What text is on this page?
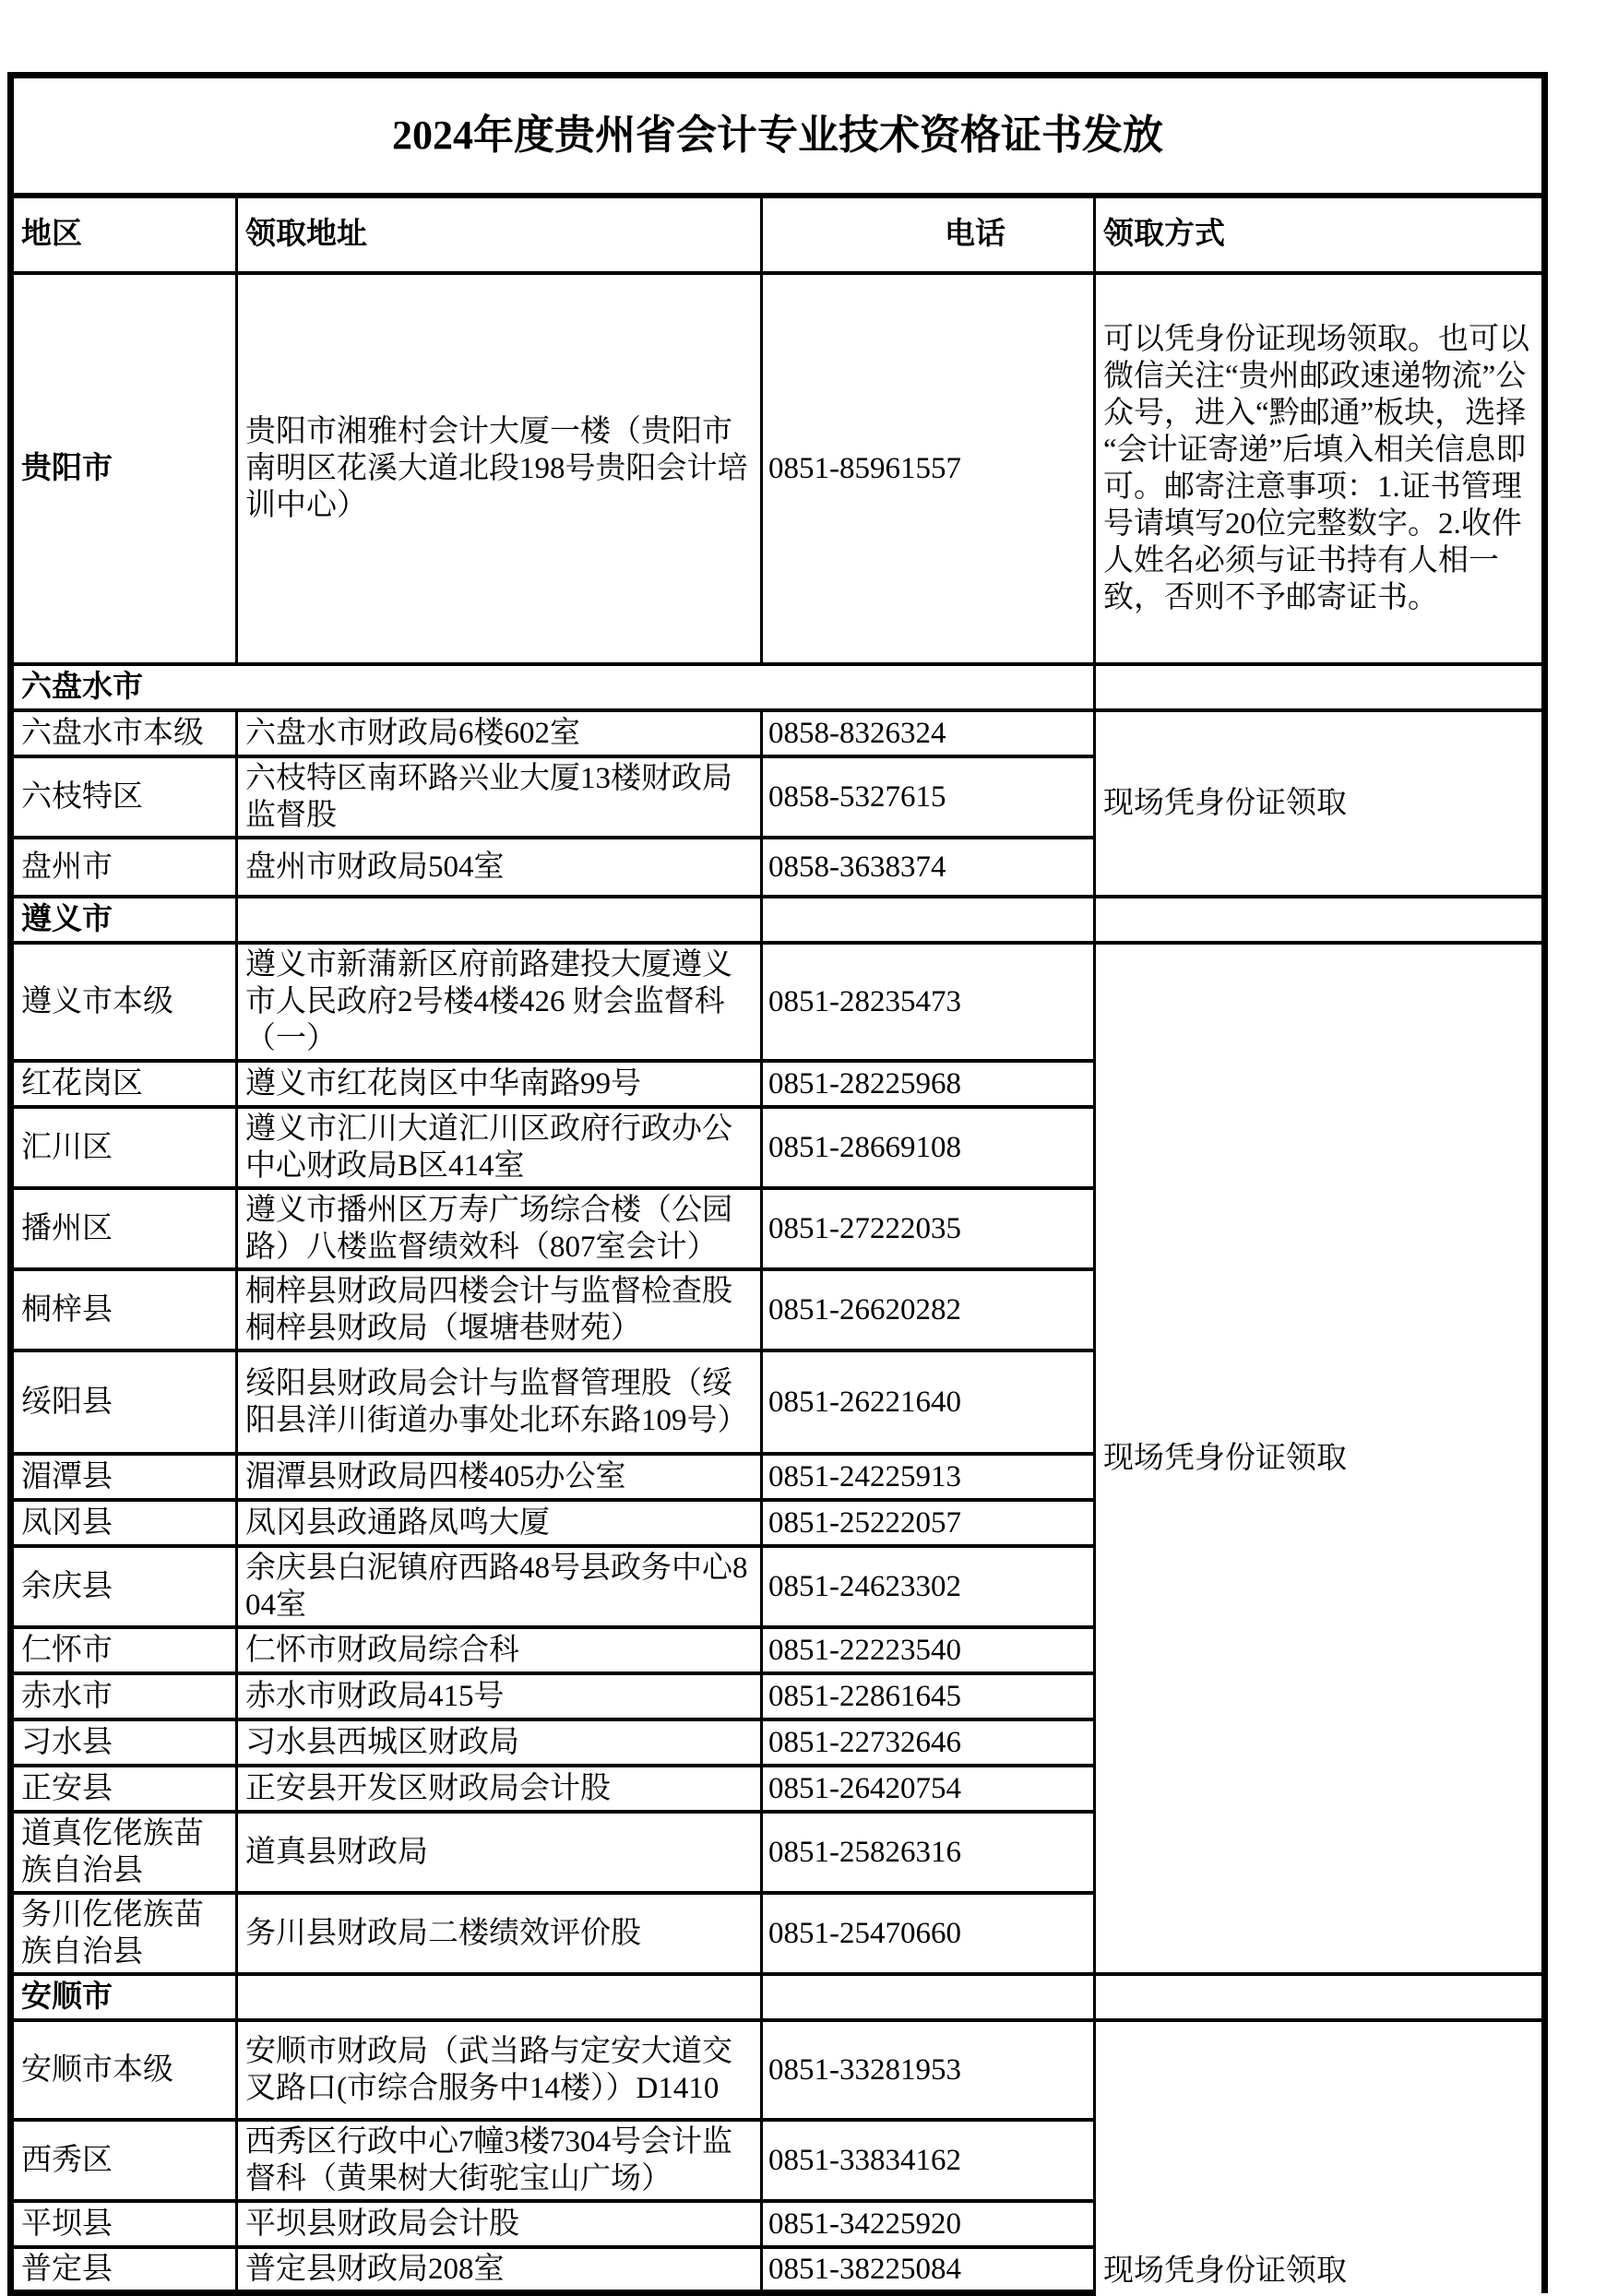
2024年度贵州省会计专业技术资格证书发放			
地区	领取地址	电话	领取方式
贵阳市	贵阳市湘雅村会计大厦一楼（贵阳市南明区花溪大道北段198号贵阳会计培训中心）	0851-85961557	可以凭身份证现场领取。也可以微信关注“贵州邮政速递物流”公众号，进入“黔邮通”板块，选择“会计证寄递”后填入相关信息即可。邮寄注意事项：1.证书管理号请填写20位完整数字。2.收件人姓名必须与证书持有人相一致，否则不予邮寄证书。
六盘水市			
六盘水市本级	六盘水市财政局6楼602室	0858-8326324	现场凭身份证领取
六枝特区	六枝特区南环路兴业大厦13楼财政局监督股	0858-5327615	
盘州市	盘州市财政局504室	0858-3638374	
遵义市			
遵义市本级	遵义市新蒲新区府前路建投大厦遵义市人民政府2号楼4楼426 财会监督科（一）	0851-28235473	现场凭身份证领取
红花岗区	遵义市红花岗区中华南路99号	0851-28225968	
汇川区	遵义市汇川大道汇川区政府行政办公中心财政局B区414室	0851-28669108	
播州区	遵义市播州区万寿广场综合楼（公园路）八楼监督绩效科（807室会计）	0851-27222035	
桐梓县	桐梓县财政局四楼会计与监督检查股桐梓县财政局（堰塘巷财苑）	0851-26620282	
绥阳县	绥阳县财政局会计与监督管理股（绥阳县洋川街道办事处北环东路109号）	0851-26221640	
湄潭县	湄潭县财政局四楼405办公室	0851-24225913	
凤冈县	凤冈县政通路凤鸣大厦	0851-25222057	
余庆县	余庆县白泥镇府西路48号县政务中心804室	0851-24623302	
仁怀市	仁怀市财政局综合科	0851-22223540	
赤水市	赤水市财政局415号	0851-22861645	
习水县	习水县西城区财政局	0851-22732646	
正安县	正安县开发区财政局会计股	0851-26420754	
道真仡佬族苗族自治县	道真县财政局	0851-25826316	
务川仡佬族苗族自治县	务川县财政局二楼绩效评价股	0851-25470660	
安顺市			
安顺市本级	安顺市财政局（武当路与定安大道交叉路口(市综合服务中14楼））D1410	0851-33281953	现场凭身份证领取
西秀区	西秀区行政中心7幢3楼7304号会计监督科（黄果树大街驼宝山广场）	0851-33834162	
平坝县	平坝县财政局会计股	0851-34225920	
普定县	普定县财政局208室	0851-38225084	
